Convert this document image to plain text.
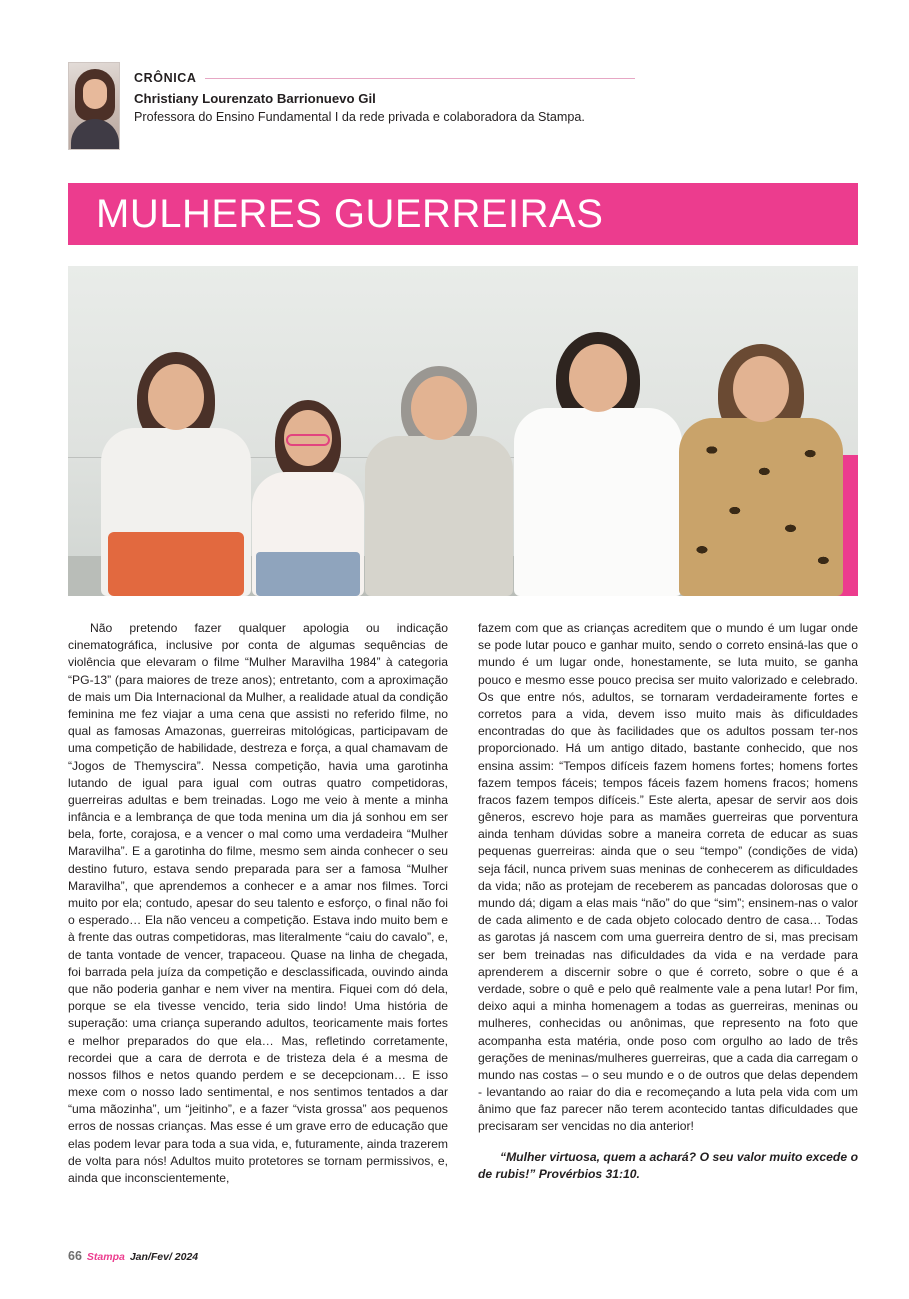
CRÔNICA
Christiany Lourenzato Barrionuevo Gil
Professora do Ensino Fundamental I da rede privada e colaboradora da Stampa.
MULHERES GUERREIRAS

Não pretendo fazer qualquer apologia ou indicação cinematográfica, inclusive por conta de algumas sequências de violência que elevaram o filme “Mulher Maravilha 1984” à categoria “PG-13” (para maiores de treze anos); entretanto, com a aproximação de mais um Dia Internacional da Mulher, a realidade atual da condição feminina me fez viajar a uma cena que assisti no referido filme, no qual as famosas Amazonas, guerreiras mitológicas, participavam de uma competição de habilidade, destreza e força, a qual chamavam de “Jogos de Themyscira”. Nessa competição, havia uma garotinha lutando de igual para igual com outras quatro competidoras, guerreiras adultas e bem treinadas. Logo me veio à mente a minha infância e a lembrança de que toda menina um dia já sonhou em ser bela, forte, corajosa, e a vencer o mal como uma verdadeira “Mulher Maravilha”. E a garotinha do filme, mesmo sem ainda conhecer o seu destino futuro, estava sendo preparada para ser a famosa “Mulher Maravilha”, que aprendemos a conhecer e a amar nos filmes. Torci muito por ela; contudo, apesar do seu talento e esforço, o final não foi o esperado… Ela não venceu a competição. Estava indo muito bem e à frente das outras competidoras, mas literalmente “caiu do cavalo”, e, de tanta vontade de vencer, trapaceou. Quase na linha de chegada, foi barrada pela juíza da competição e desclassificada, ouvindo ainda que não poderia ganhar e nem viver na mentira. Fiquei com dó dela, porque se ela tivesse vencido, teria sido lindo! Uma história de superação: uma criança superando adultos, teoricamente mais fortes e melhor preparados do que ela… Mas, refletindo corretamente, recordei que a cara de derrota e de tristeza dela é a mesma de nossos filhos e netos quando perdem e se decepcionam… E isso mexe com o nosso lado sentimental, e nos sentimos tentados a dar “uma mãozinha”, um “jeitinho”, e a fazer “vista grossa” aos pequenos erros de nossas crianças. Mas esse é um grave erro de educação que elas podem levar para toda a sua vida, e, futuramente, ainda trazerem de volta para nós! Adultos muito protetores se tornam permissivos, e, ainda que inconscientemente,

fazem com que as crianças acreditem que o mundo é um lugar onde se pode lutar pouco e ganhar muito, sendo o correto ensiná-las que o mundo é um lugar onde, honestamente, se luta muito, se ganha pouco e mesmo esse pouco precisa ser muito valorizado e celebrado. Os que entre nós, adultos, se tornaram verdadeiramente fortes e corretos para a vida, devem isso muito mais às dificuldades encontradas do que às facilidades que os adultos possam ter-nos proporcionado. Há um antigo ditado, bastante conhecido, que nos ensina assim: “Tempos difíceis fazem homens fortes; homens fortes fazem tempos fáceis; tempos fáceis fazem homens fracos; homens fracos fazem tempos difíceis.” Este alerta, apesar de servir aos dois gêneros, escrevo hoje para as mamães guerreiras que porventura ainda tenham dúvidas sobre a maneira correta de educar as suas pequenas guerreiras: ainda que o seu “tempo” (condições de vida) seja fácil, nunca privem suas meninas de conhecerem as dificuldades da vida; não as protejam de receberem as pancadas dolorosas que o mundo dá; digam a elas mais “não” do que “sim”; ensinem-nas o valor de cada alimento e de cada objeto colocado dentro de casa… Todas as garotas já nascem com uma guerreira dentro de si, mas precisam ser bem treinadas nas dificuldades da vida e na verdade para aprenderem a discernir sobre o que é correto, sobre o que é a verdade, sobre o quê e pelo quê realmente vale a pena lutar! Por fim, deixo aqui a minha homenagem a todas as guerreiras, meninas ou mulheres, conhecidas ou anônimas, que represento na foto que acompanha esta matéria, onde poso com orgulho ao lado de três gerações de meninas/mulheres guerreiras, que a cada dia carregam o mundo nas costas – o seu mundo e o de outros que delas dependem - levantando ao raiar do dia e recomeçando a luta pela vida com um ânimo que faz parecer não terem acontecido tantas dificuldades que precisaram ser vencidas no dia anterior!

“Mulher virtuosa, quem a achará? O seu valor muito excede o de rubis!” Provérbios 31:10.

66 Stampa Jan/Fev/ 2024
